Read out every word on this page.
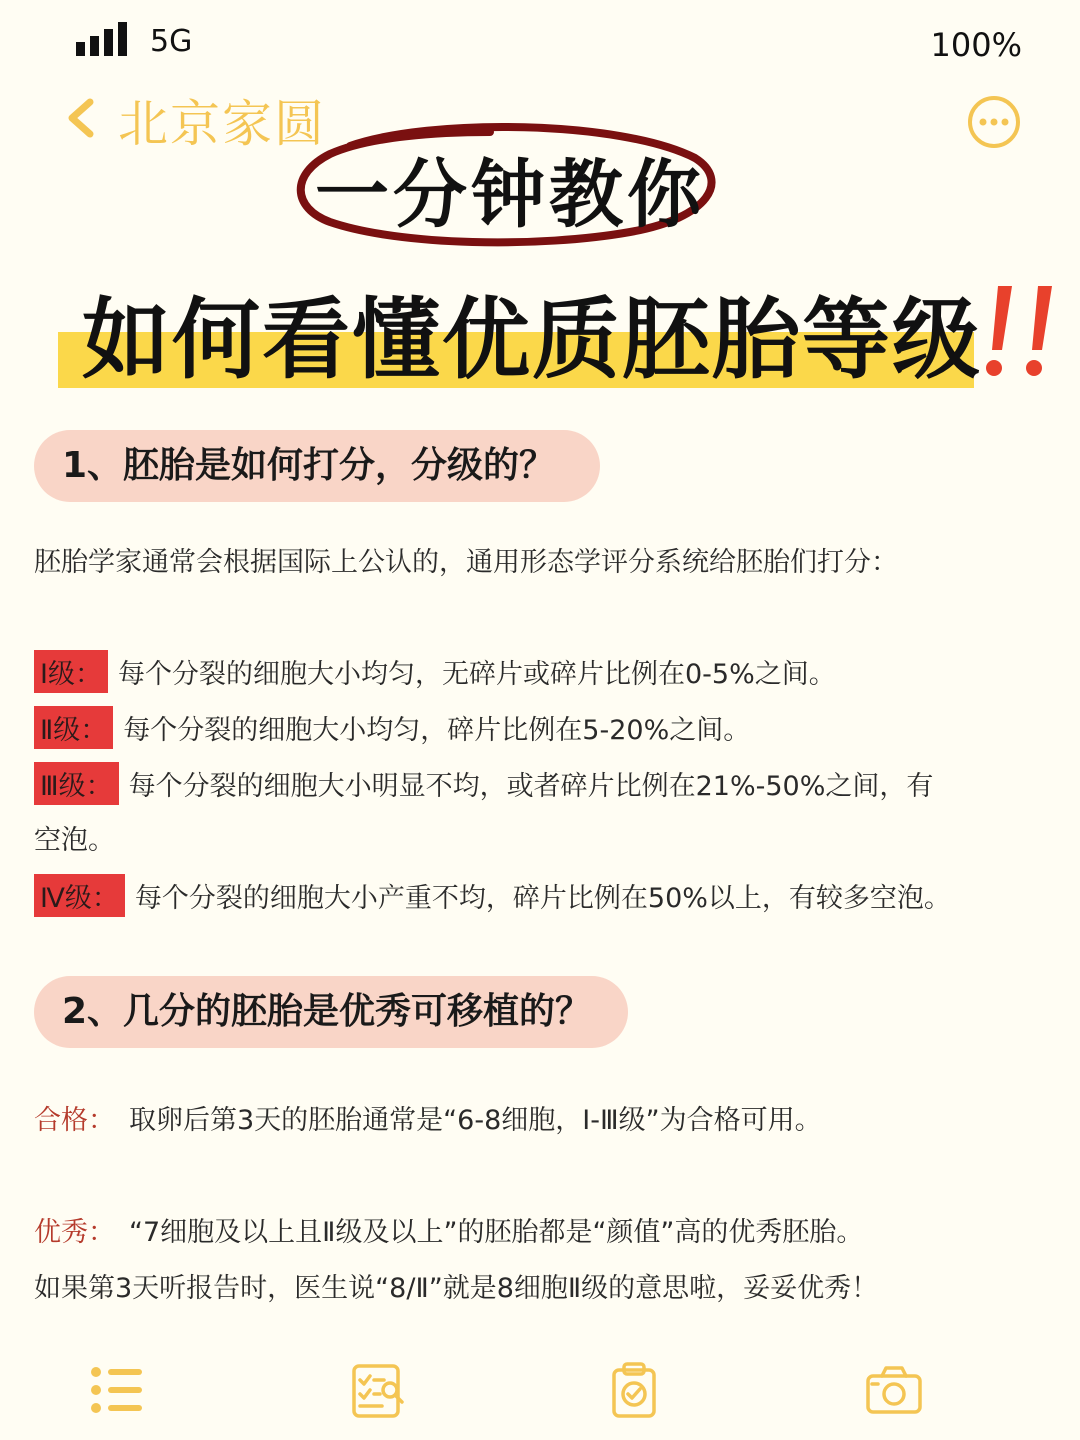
5G	100%
北京家圆
一分钟教你
如何看懂优质胚胎等级
1、胚胎是如何打分，分级的？
胚胎学家通常会根据国际上公认的，通用形态学评分系统给胚胎们打分：
Ⅰ级： 每个分裂的细胞大小均匀，无碎片或碎片比例在0-5%之间。
Ⅱ级： 每个分裂的细胞大小均匀，碎片比例在5-20%之间。
Ⅲ级： 每个分裂的细胞大小明显不均，或者碎片比例在21%-50%之间，有
空泡。
Ⅳ级： 每个分裂的细胞大小产重不均，碎片比例在50%以上，有较多空泡。
2、几分的胚胎是优秀可移植的？
合格： 取卵后第3天的胚胎通常是“6-8细胞，Ⅰ-Ⅲ级”为合格可用。
优秀： “7细胞及以上且Ⅱ级及以上”的胚胎都是“颜值”高的优秀胚胎。
如果第3天听报告时，医生说“8/Ⅱ”就是8细胞Ⅱ级的意思啦，妥妥优秀！
